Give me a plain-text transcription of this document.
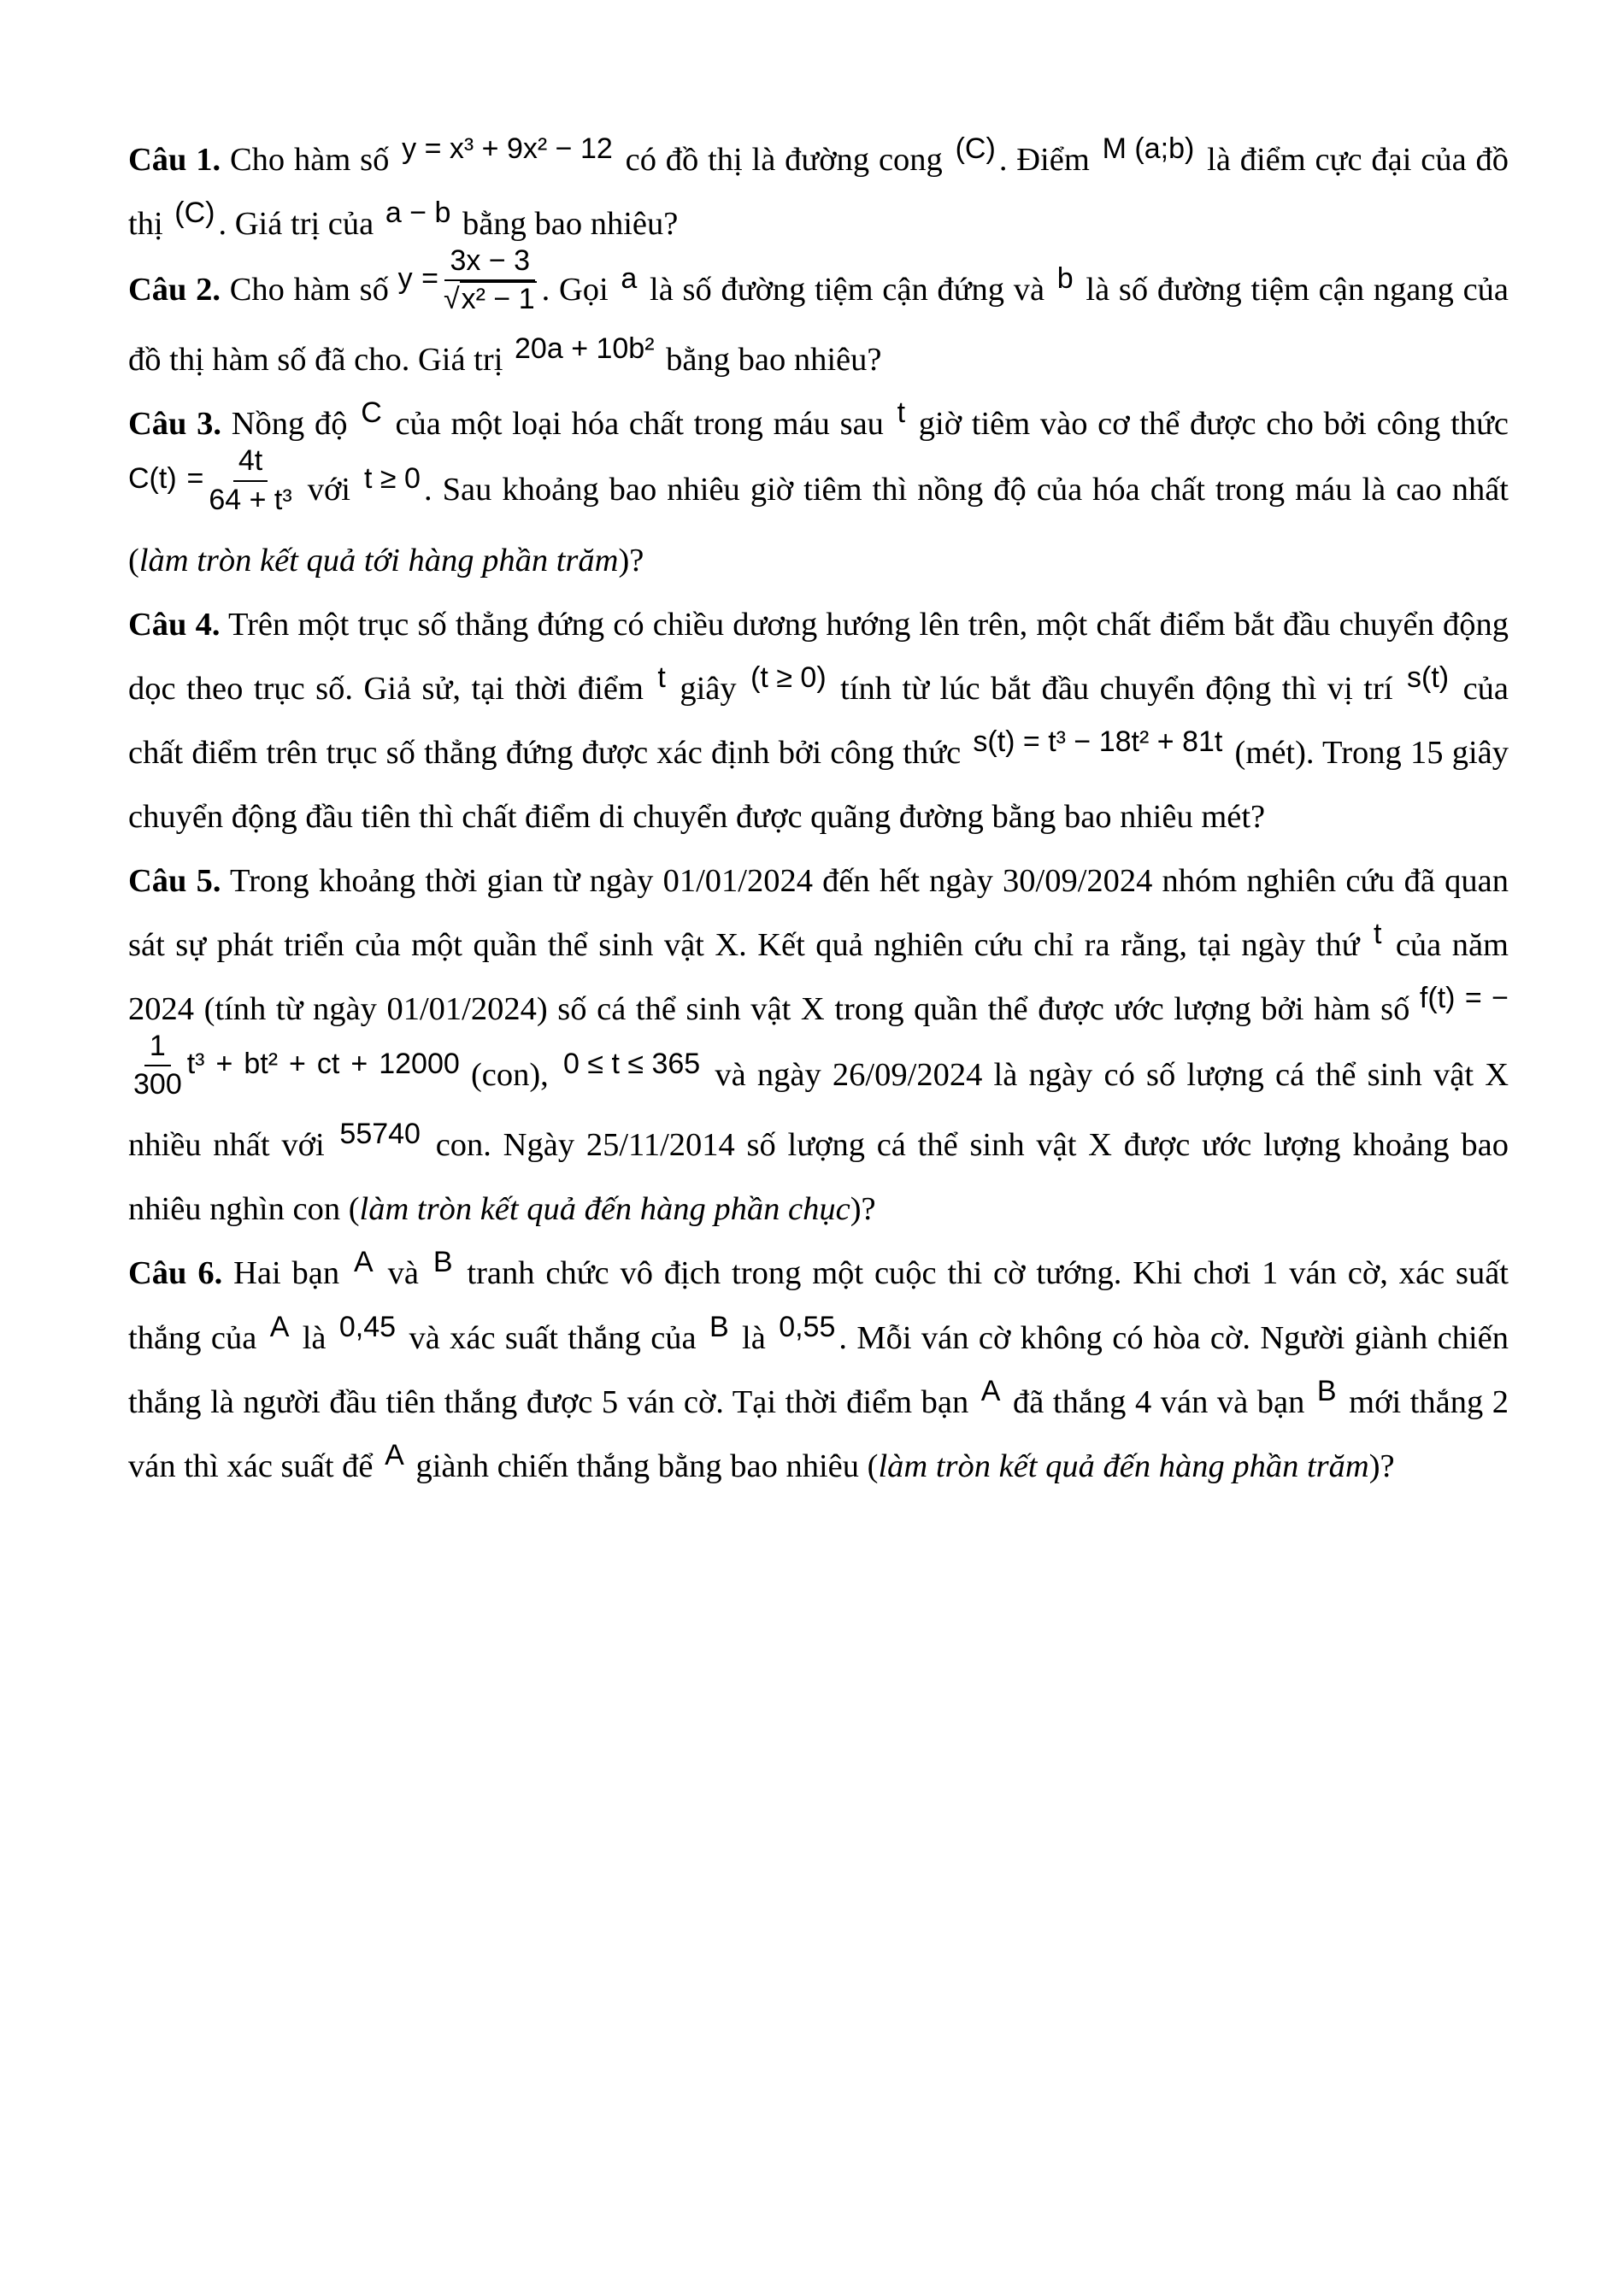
Câu 1. Cho hàm số y = x³ + 9x² − 12 có đồ thị là đường cong (C) . Điểm M (a;b) là điểm cực đại của đồ thị (C) . Giá trị của a − b bằng bao nhiêu?

Câu 2. Cho hàm số $y = \frac{3x - 3}{\text{√x² − 1}}$ . Gọi a là số đường tiệm cận đứng và b là số đường tiệm cận ngang của đồ thị hàm số đã cho. Giá trị 20a + 10b² bằng bao nhiêu?

Câu 3. Nồng độ C của một loại hóa chất trong máu sau t giờ tiêm vào cơ thể được cho bởi công thức $C(t) = \frac{4t}{\text{64 + t³}}$ với t ≥ 0 . Sau khoảng bao nhiêu giờ tiêm thì nồng độ của hóa chất trong máu là cao nhất (làm tròn kết quả tới hàng phần trăm)?

Câu 4. Trên một trục số thẳng đứng có chiều dương hướng lên trên, một chất điểm bắt đầu chuyển động dọc theo trục số. Giả sử, tại thời điểm t giây (t ≥ 0) tính từ lúc bắt đầu chuyển động thì vị trí s(t) của chất điểm trên trục số thẳng đứng được xác định bởi công thức s(t) = t³ − 18t² + 81t (mét). Trong 15 giây chuyển động đầu tiên thì chất điểm di chuyển được quãng đường bằng bao nhiêu mét?

Câu 5. Trong khoảng thời gian từ ngày 01/01/2024 đến hết ngày 30/09/2024 nhóm nghiên cứu đã quan sát sự phát triển của một quần thể sinh vật X. Kết quả nghiên cứu chỉ ra rằng, tại ngày thứ t của năm 2024 (tính từ ngày 01/01/2024) số cá thể sinh vật X trong quần thể được ước lượng bởi hàm số f(t) = −
$\frac{1}{300} t^3 + bt^2$ + ct + 12000 (con), 0 ≤ t ≤ 365 và ngày 26/09/2024 là ngày có số lượng cá thể sinh vật X nhiều nhất với 55740 con. Ngày 25/11/2014 số lượng cá thể sinh vật X được ước lượng khoảng bao nhiêu nghìn con (làm tròn kết quả đến hàng phần chục)?

Câu 6. Hai bạn A và B tranh chức vô địch trong một cuộc thi cờ tướng. Khi chơi 1 ván cờ, xác suất thắng của A là 0,45 và xác suất thắng của B là 0,55 . Mỗi ván cờ không có hòa cờ. Người giành chiến thắng là người đầu tiên thắng được 5 ván cờ. Tại thời điểm bạn A đã thắng 4 ván và bạn B mới thắng 2 ván thì xác suất để A giành chiến thắng bằng bao nhiêu (làm tròn kết quả đến hàng phần trăm)?
